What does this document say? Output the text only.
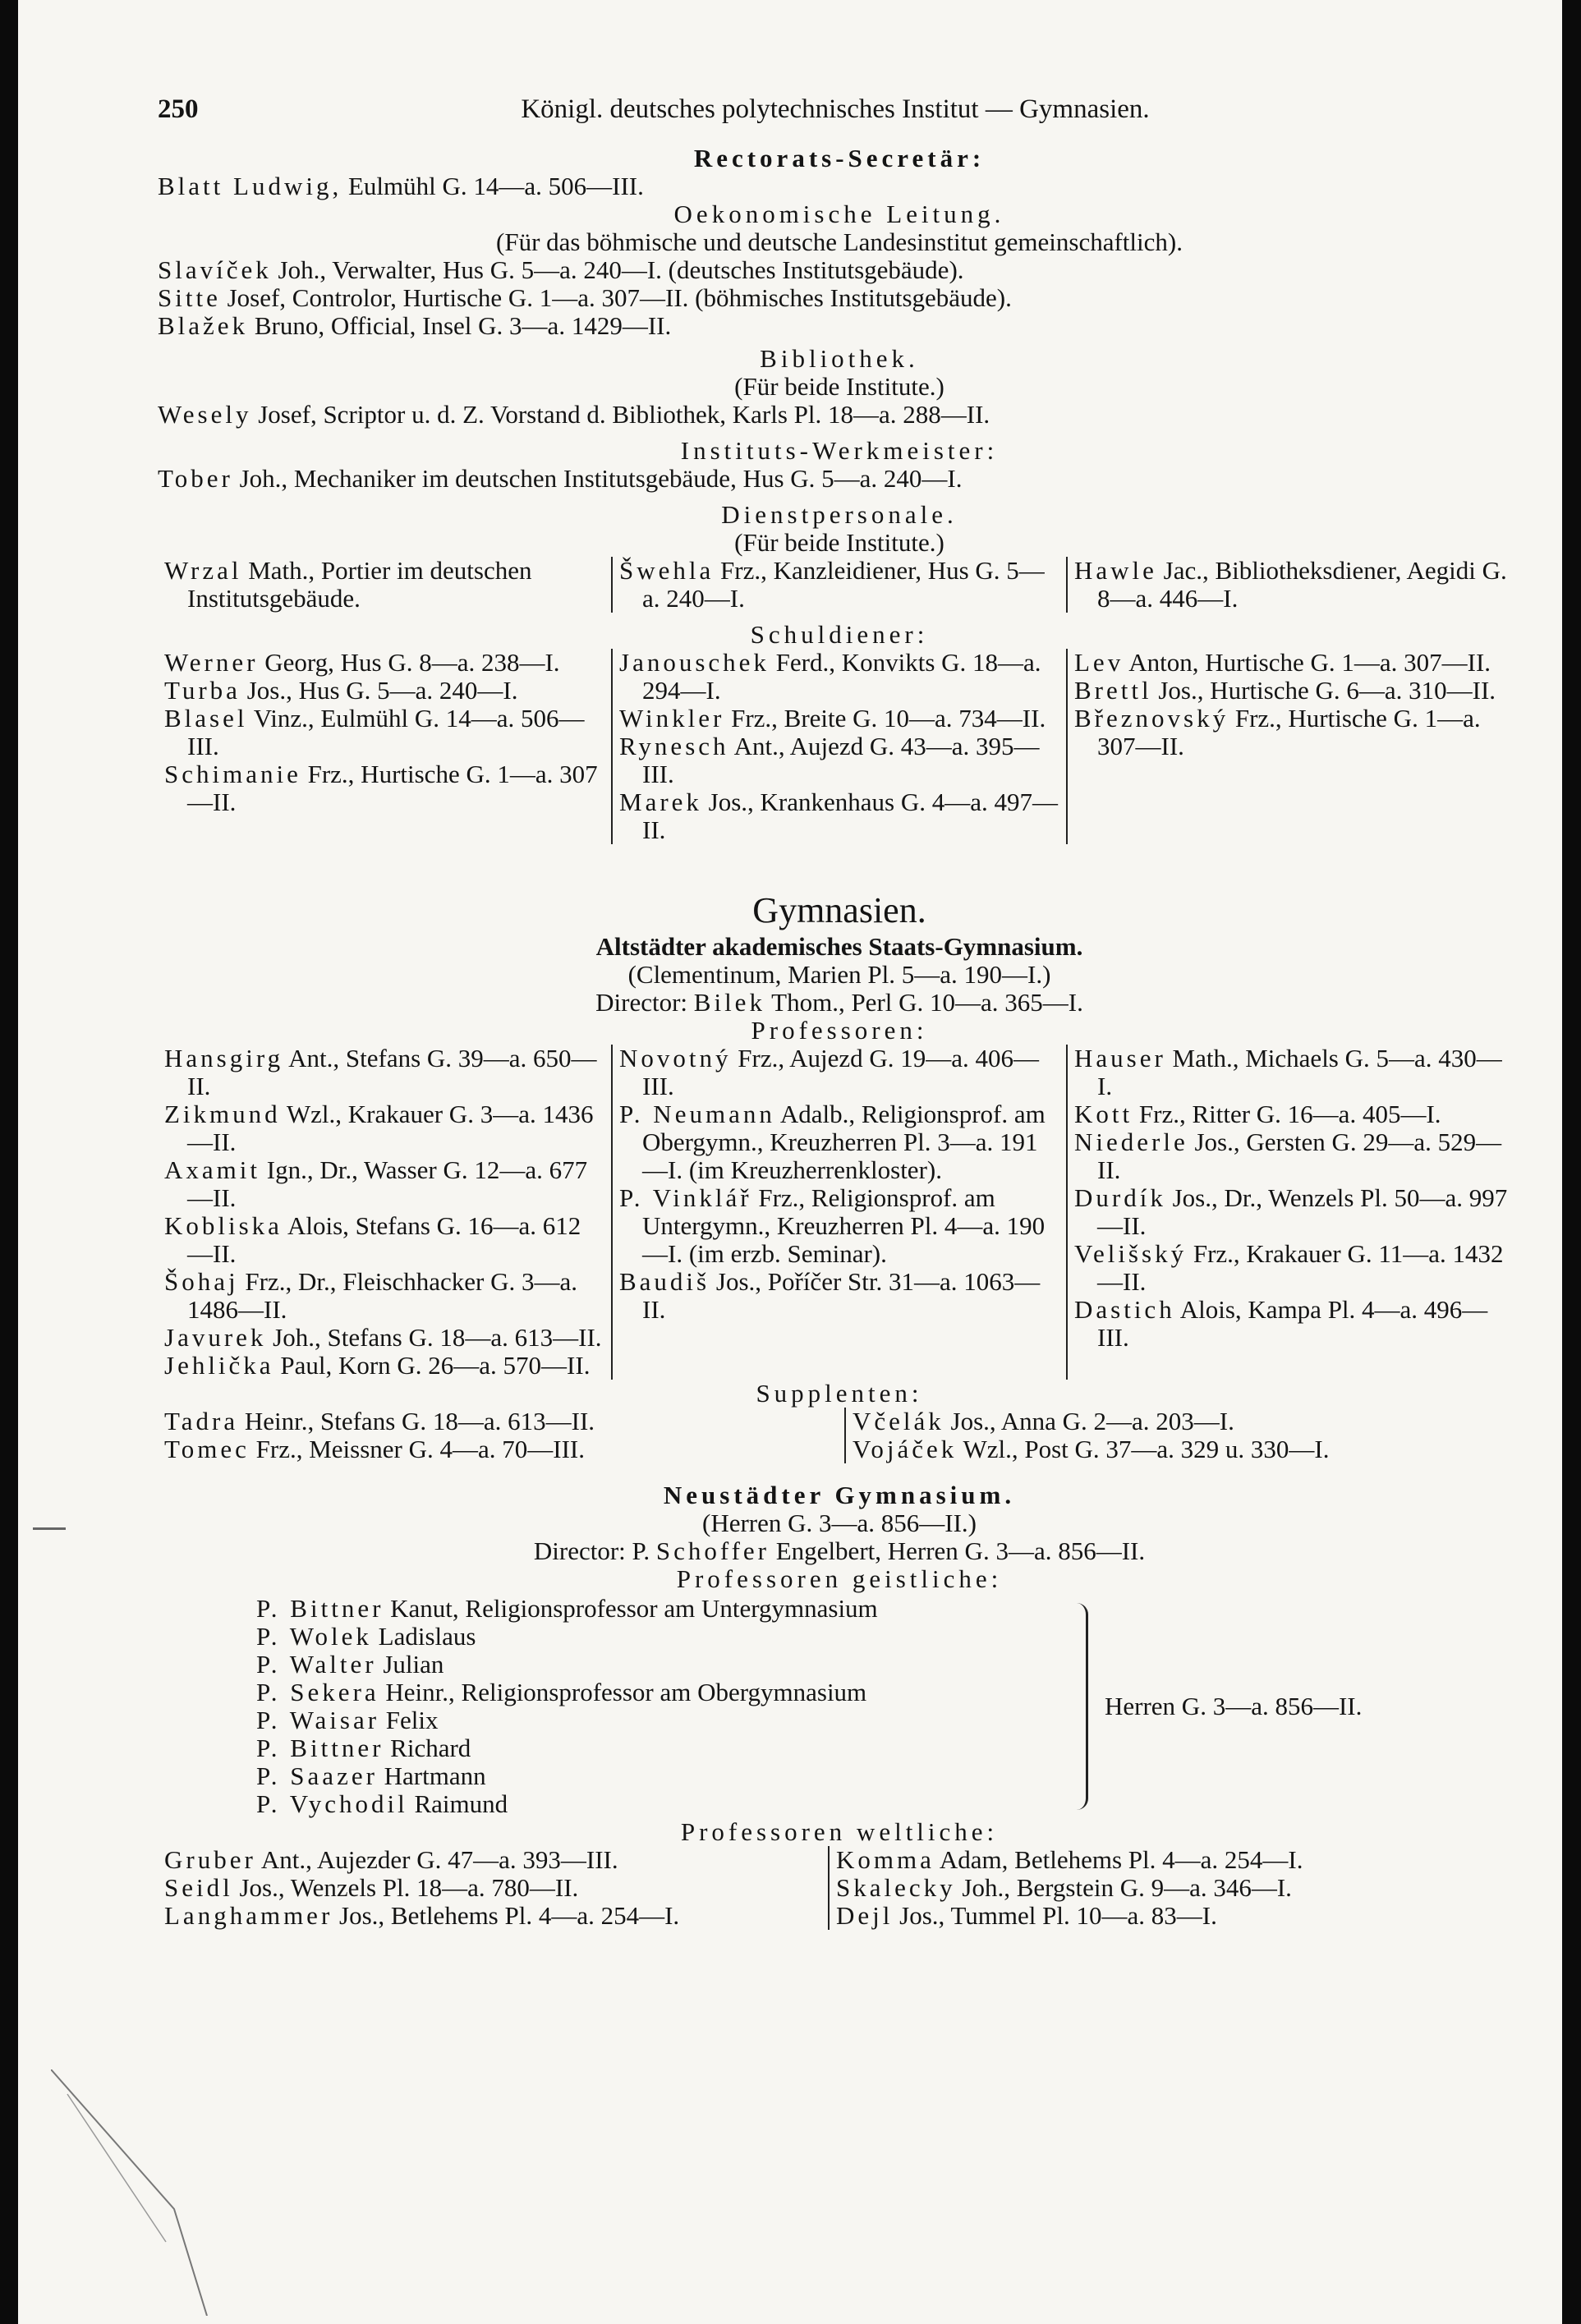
250	Königl. deutsches polytechnisches Institut — Gymnasien.
Rectorats-Secretär:
Blatt Ludwig, Eulmühl G. 14—a. 506—III.
Oekonomische Leitung.
(Für das böhmische und deutsche Landesinstitut gemeinschaftlich).
Slavíček Joh., Verwalter, Hus G. 5—a. 240—I. (deutsches Institutsgebäude).
Sitte Josef, Controlor, Hurtische G. 1—a. 307—II. (böhmisches Institutsgebäude).
Blažek Bruno, Official, Insel G. 3—a. 1429—II.
Bibliothek.
(Für beide Institute.)
Wesely Josef, Scriptor u. d. Z. Vorstand d. Bibliothek, Karls Pl. 18—a. 288—II.
Instituts-Werkmeister:
Tober Joh., Mechaniker im deutschen Institutsgebäude, Hus G. 5—a. 240—I.
Dienstpersonale.
(Für beide Institute.)
Wrzal Math., Portier im deutschen Institutsgebäude.
Šwehla Frz., Kanzleidiener, Hus G. 5—a. 240—I.
Hawle Jac., Bibliotheksdiener, Aegidi G. 8—a. 446—I.
Schuldiener:
Werner Georg, Hus G. 8—a. 238—I.
Turba Jos., Hus G. 5—a. 240—I.
Blasel Vinz., Eulmühl G. 14—a. 506—III.
Schimanie Frz., Hurtische G. 1—a. 307—II.
Janouschek Ferd., Konvikts G. 18—a. 294—I.
Winkler Frz., Breite G. 10—a. 734—II.
Rynesch Ant., Aujezd G. 43—a. 395—III.
Marek Jos., Krankenhaus G. 4—a. 497—II.
Lev Anton, Hurtische G. 1—a. 307—II.
Brettl Jos., Hurtische G. 6—a. 310—II.
Březnovský Frz., Hurtische G. 1—a. 307—II.
Gymnasien.
Altstädter akademisches Staats-Gymnasium.
(Clementinum, Marien Pl. 5—a. 190—I.)
Director: Bilek Thom., Perl G. 10—a. 365—I.
Professoren:
Hansgirg Ant., Stefans G. 39—a. 650—II.
Zikmund Wzl., Krakauer G. 3—a. 1436—II.
Axamit Ign., Dr., Wasser G. 12—a. 677—II.
Kobliska Alois, Stefans G. 16—a. 612—II.
Šohaj Frz., Dr., Fleischhacker G. 3—a. 1486—II.
Javurek Joh., Stefans G. 18—a. 613—II.
Jehlička Paul, Korn G. 26—a. 570—II.
Novotný Frz., Aujezd G. 19—a. 406—III.
P. Neumann Adalb., Religionsprof. am Obergymn., Kreuzherren Pl. 3—a. 191—I. (im Kreuzherrenkloster).
P. Vinklář Frz., Religionsprof. am Untergymn., Kreuzherren Pl. 4—a. 190—I. (im erzb. Seminar).
Baudiš Jos., Poříčer Str. 31—a. 1063—II.
Hauser Math., Michaels G. 5—a. 430—I.
Kott Frz., Ritter G. 16—a. 405—I.
Niederle Jos., Gersten G. 29—a. 529—II.
Durdík Jos., Dr., Wenzels Pl. 50—a. 997—II.
Velišský Frz., Krakauer G. 11—a. 1432—II.
Dastich Alois, Kampa Pl. 4—a. 496—III.
Supplenten:
Tadra Heinr., Stefans G. 18—a. 613—II.
Tomec Frz., Meissner G. 4—a. 70—III.
Včelák Jos., Anna G. 2—a. 203—I.
Vojáček Wzl., Post G. 37—a. 329 u. 330—I.
Neustädter Gymnasium.
(Herren G. 3—a. 856—II.)
Director: P. Schoffer Engelbert, Herren G. 3—a. 856—II.
Professoren geistliche:
P. Bittner Kanut, Religionsprofessor am Untergymnasium
P. Wolek Ladislaus
P. Walter Julian
P. Sekera Heinr., Religionsprofessor am Obergymnasium
P. Waisar Felix
P. Bittner Richard
P. Saazer Hartmann
P. Vychodil Raimund
Herren G. 3—a. 856—II.
Professoren weltliche:
Gruber Ant., Aujezder G. 47—a. 393—III.
Seidl Jos., Wenzels Pl. 18—a. 780—II.
Langhammer Jos., Betlehems Pl. 4—a. 254—I.
Komma Adam, Betlehems Pl. 4—a. 254—I.
Skalecky Joh., Bergstein G. 9—a. 346—I.
Dejl Jos., Tummel Pl. 10—a. 83—I.
